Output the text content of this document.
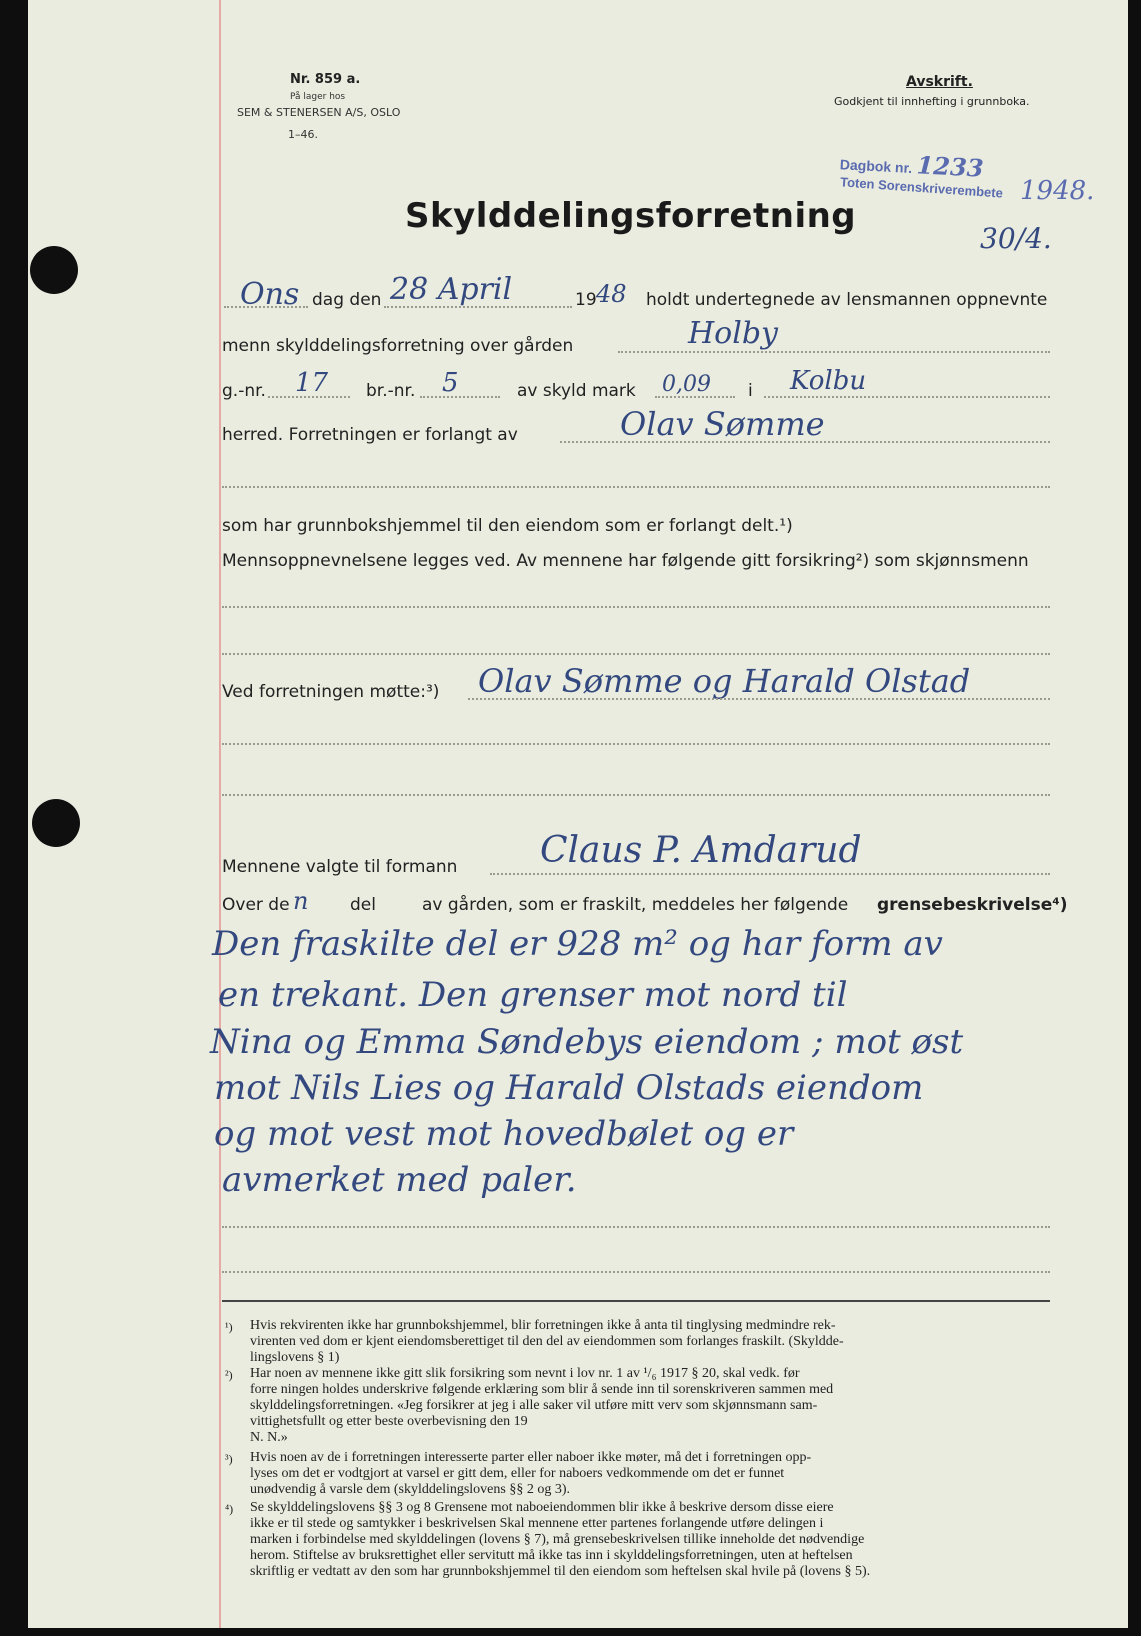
Nr. 859 a.
På lager hos
SEM & STENERSEN A/S, OSLO
1–46.
Avskrift.
Godkjent til innhefting i grunnboka.
Dagbok nr. 1233
Toten Sorenskriverembete 1948.
30/4.
Skylddelingsforretning
Ons dag den 28 April	19 48 holdt undertegnede av lensmannen oppnevnte
menn skylddelingsforretning over gården	Holby
g.-nr. 17 br.-nr. 5	av skyld mark 0,09 i Kolbu
herred. Forretningen er forlangt av	Olav Sømme
som har grunnbokshjemmel til den eiendom som er forlangt delt.¹)
Mennsoppnevnelsene legges ved. Av mennene har følgende gitt forsikring²) som skjønnsmenn
Ved forretningen møtte:³) Olav Sømme og Harald Olstad
Mennene valgte til formann Claus P. Amdarud
Over de n del	av gården, som er fraskilt, meddeles her følgende grensebeskrivelse⁴)
Den fraskilte del er 928 m² og har form av
en trekant. Den grenser mot nord til
Nina og Emma Søndebys eiendom ; mot øst
mot Nils Lies og Harald Olstads eiendom
og mot vest mot hovedbølet og er
avmerket med paler.
¹) Hvis rekvirenten ikke har grunnbokshjemmel, blir forretningen ikke å anta til tinglysing medmindre rek-
virenten ved dom er kjent eiendomsberettiget til den del av eiendommen som forlanges fraskilt. (Skyldde-
lingslovens § 1)
²) Har noen av mennene ikke gitt slik forsikring som nevnt i lov nr. 1 av ¹/₆ 1917 § 20, skal vedk. før
forre ningen holdes underskrive følgende erklæring som blir å sende inn til sorenskriveren sammen med
skylddelingsforretningen. «Jeg forsikrer at jeg i alle saker vil utføre mitt verv som skjønnsmann sam-
vittighetsfullt og etter beste overbevisning den 19
N. N.»
³) Hvis noen av de i forretningen interesserte parter eller naboer ikke møter, må det i forretningen opp-
lyses om det er vodtgjort at varsel er gitt dem, eller for naboers vedkommende om det er funnet
unødvendig å varsle dem (skylddelingslovens §§ 2 og 3).
⁴) Se skylddelingslovens §§ 3 og 8 Grensene mot naboeiendommen blir ikke å beskrive dersom disse eiere
ikke er til stede og samtykker i beskrivelsen Skal mennene etter partenes forlangende utføre delingen i
marken i forbindelse med skylddelingen (lovens § 7), må grensebeskrivelsen tillike inneholde det nødvendige
herom. Stiftelse av bruksrettighet eller servitutt må ikke tas inn i skylddelingsforretningen, uten at heftelsen
skriftlig er vedtatt av den som har grunnbokshjemmel til den eiendom som heftelsen skal hvile på (lovens § 5).
